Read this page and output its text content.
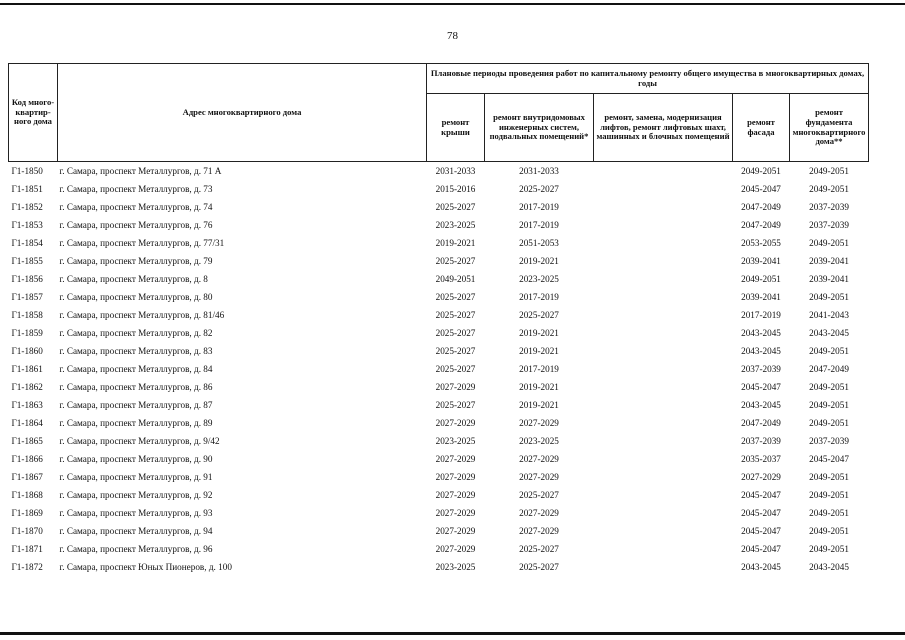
78
Код много-квартир-ного дома	Адрес многоквартирного дома	Плановые периоды проведения работ по капитальному ремонту общего имущества в многоквартирных домах, годы				
		ремонт крыши	ремонт внутридомовых инженерных систем, подвальных помещений*	ремонт, замена, модернизация лифтов, ремонт лифтовых шахт, машинных и блочных помещений	ремонт фасада	ремонт фундамента многоквартирного дома**
Г1-1850	г. Самара, проспект Металлургов, д. 71 А	2031-2033	2031-2033		2049-2051	2049-2051
Г1-1851	г. Самара, проспект Металлургов, д. 73	2015-2016	2025-2027		2045-2047	2049-2051
Г1-1852	г. Самара, проспект Металлургов, д. 74	2025-2027	2017-2019		2047-2049	2037-2039
Г1-1853	г. Самара, проспект Металлургов, д. 76	2023-2025	2017-2019		2047-2049	2037-2039
Г1-1854	г. Самара, проспект Металлургов, д. 77/31	2019-2021	2051-2053		2053-2055	2049-2051
Г1-1855	г. Самара, проспект Металлургов, д. 79	2025-2027	2019-2021		2039-2041	2039-2041
Г1-1856	г. Самара, проспект Металлургов, д. 8	2049-2051	2023-2025		2049-2051	2039-2041
Г1-1857	г. Самара, проспект Металлургов, д. 80	2025-2027	2017-2019		2039-2041	2049-2051
Г1-1858	г. Самара, проспект Металлургов, д. 81/46	2025-2027	2025-2027		2017-2019	2041-2043
Г1-1859	г. Самара, проспект Металлургов, д. 82	2025-2027	2019-2021		2043-2045	2043-2045
Г1-1860	г. Самара, проспект Металлургов, д. 83	2025-2027	2019-2021		2043-2045	2049-2051
Г1-1861	г. Самара, проспект Металлургов, д. 84	2025-2027	2017-2019		2037-2039	2047-2049
Г1-1862	г. Самара, проспект Металлургов, д. 86	2027-2029	2019-2021		2045-2047	2049-2051
Г1-1863	г. Самара, проспект Металлургов, д. 87	2025-2027	2019-2021		2043-2045	2049-2051
Г1-1864	г. Самара, проспект Металлургов, д. 89	2027-2029	2027-2029		2047-2049	2049-2051
Г1-1865	г. Самара, проспект Металлургов, д. 9/42	2023-2025	2023-2025		2037-2039	2037-2039
Г1-1866	г. Самара, проспект Металлургов, д. 90	2027-2029	2027-2029		2035-2037	2045-2047
Г1-1867	г. Самара, проспект Металлургов, д. 91	2027-2029	2027-2029		2027-2029	2049-2051
Г1-1868	г. Самара, проспект Металлургов, д. 92	2027-2029	2025-2027		2045-2047	2049-2051
Г1-1869	г. Самара, проспект Металлургов, д. 93	2027-2029	2027-2029		2045-2047	2049-2051
Г1-1870	г. Самара, проспект Металлургов, д. 94	2027-2029	2027-2029		2045-2047	2049-2051
Г1-1871	г. Самара, проспект Металлургов, д. 96	2027-2029	2025-2027		2045-2047	2049-2051
Г1-1872	г. Самара, проспект Юных Пионеров, д. 100	2023-2025	2025-2027		2043-2045	2043-2045
